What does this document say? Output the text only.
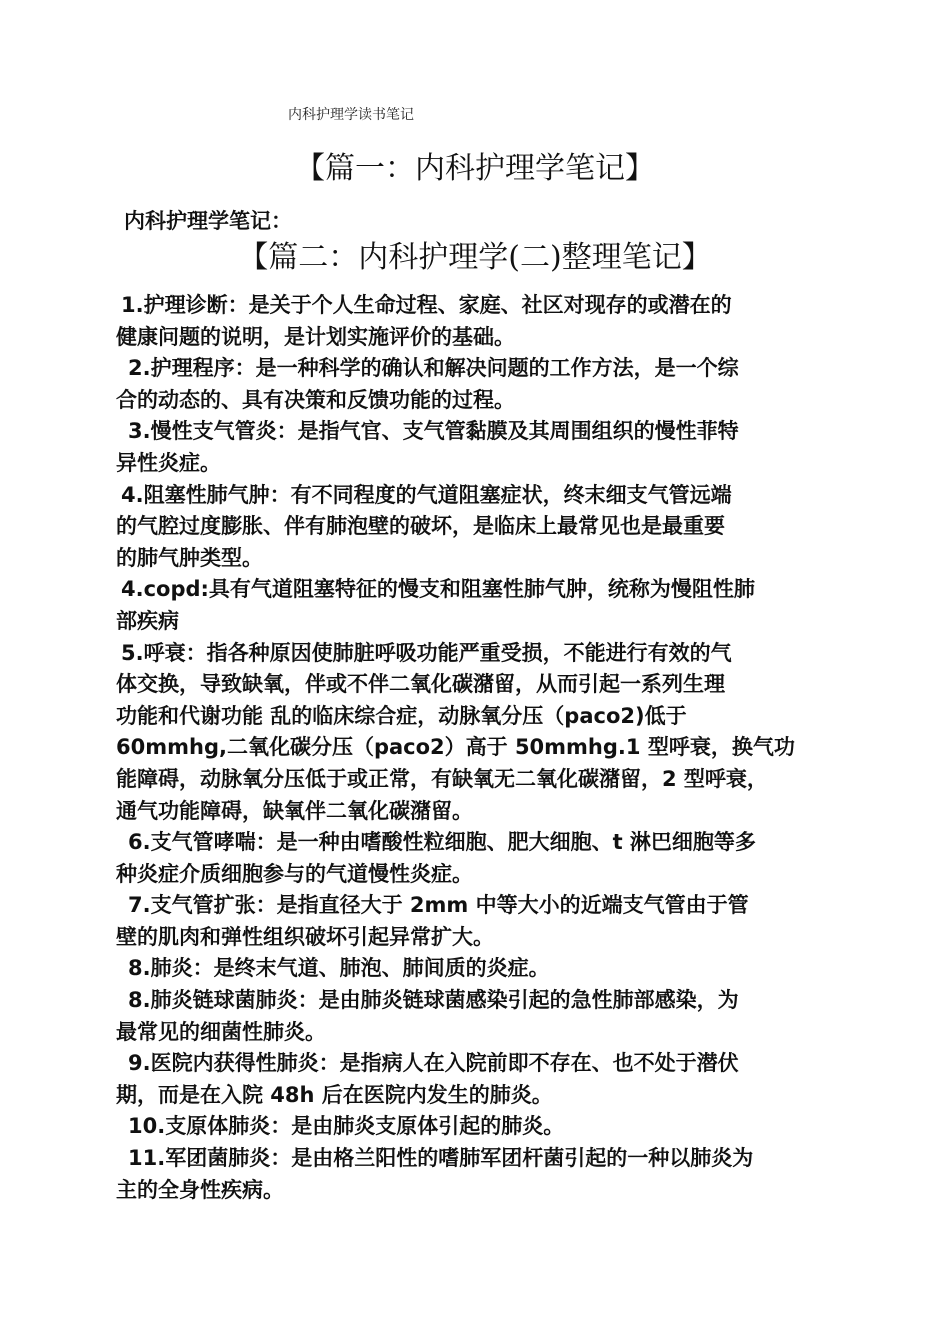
内科护理学读书笔记
【篇一：内科护理学笔记】
内科护理学笔记：
【篇二：内科护理学(二)整理笔记】
1.护理诊断：是关于个人生命过程、家庭、社区对现存的或潜在的
健康问题的说明，是计划实施评价的基础。
2.护理程序：是一种科学的确认和解决问题的工作方法，是一个综
合的动态的、具有决策和反馈功能的过程。
3.慢性支气管炎：是指气官、支气管黏膜及其周围组织的慢性菲特
异性炎症。
4.阻塞性肺气肿：有不同程度的气道阻塞症状，终末细支气管远端
的气腔过度膨胀、伴有肺泡壁的破坏，是临床上最常见也是最重要
的肺气肿类型。
4.copd:具有气道阻塞特征的慢支和阻塞性肺气肿，统称为慢阻性肺
部疾病
5.呼衰：指各种原因使肺脏呼吸功能严重受损，不能进行有效的气
体交换，导致缺氧，伴或不伴二氧化碳潴留，从而引起一系列生理
功能和代谢功能 乱的临床综合症，动脉氧分压（paco2)低于
60mmhg,二氧化碳分压（paco2）高于 50mmhg.1 型呼衰，换气功
能障碍，动脉氧分压低于或正常，有缺氧无二氧化碳潴留，2 型呼衰，
通气功能障碍，缺氧伴二氧化碳潴留。
6.支气管哮喘：是一种由嗜酸性粒细胞、肥大细胞、t 淋巴细胞等多
种炎症介质细胞参与的气道慢性炎症。
7.支气管扩张：是指直径大于 2mm 中等大小的近端支气管由于管
壁的肌肉和弹性组织破坏引起异常扩大。
8.肺炎：是终末气道、肺泡、肺间质的炎症。
8.肺炎链球菌肺炎：是由肺炎链球菌感染引起的急性肺部感染，为
最常见的细菌性肺炎。
9.医院内获得性肺炎：是指病人在入院前即不存在、也不处于潜伏
期，而是在入院 48h 后在医院内发生的肺炎。
10.支原体肺炎：是由肺炎支原体引起的肺炎。
11.军团菌肺炎：是由格兰阳性的嗜肺军团杆菌引起的一种以肺炎为
主的全身性疾病。
